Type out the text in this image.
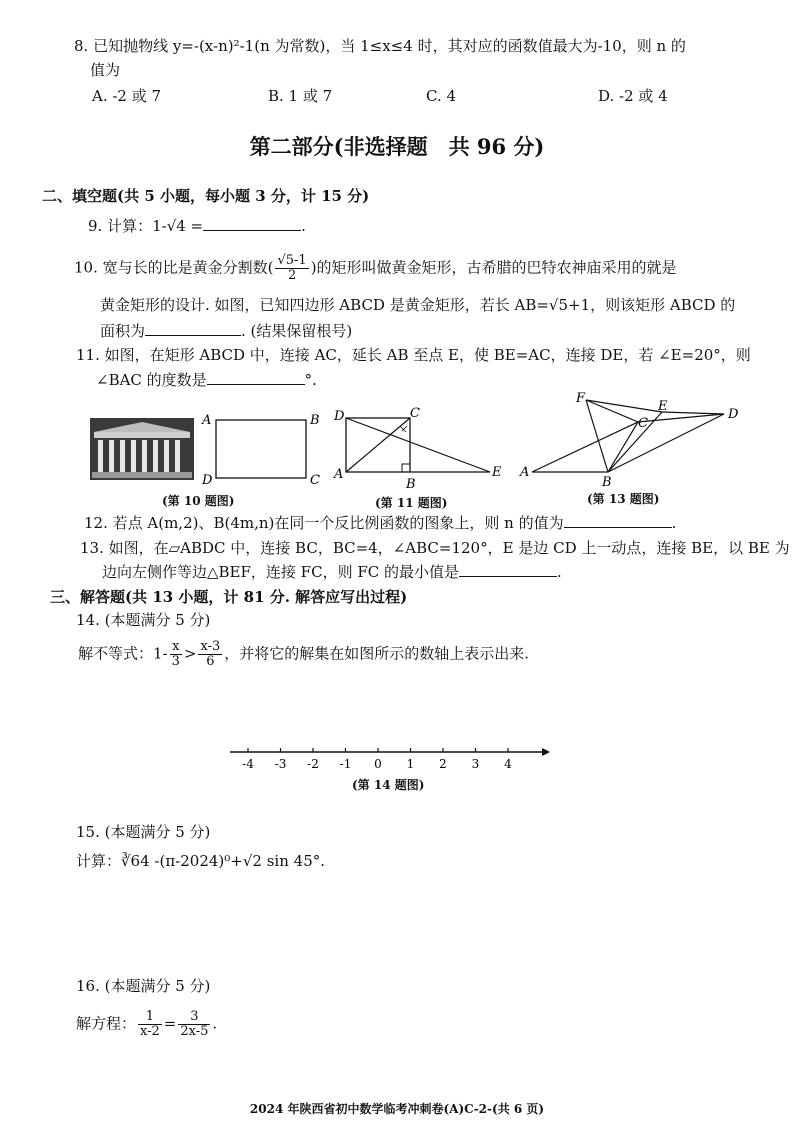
8. 已知抛物线 y=-(x-n)²-1(n 为常数)，当 1≤x≤4 时，其对应的函数值最大为-10，则 n 的
值为
A. -2 或 7	B. 1 或 7	C. 4	D. -2 或 4
第二部分(非选择题　共 96 分)
二、填空题(共 5 小题，每小题 3 分，计 15 分)
9. 计算：1-√4 =	.
10. 宽与长的比是黄金分割数( $\frac{√5-1}{2}$ )的矩形叫做黄金矩形，古希腊的巴特农神庙采用的就是
黄金矩形的设计. 如图，已知四边形 ABCD 是黄金矩形，若长 AB=√5+1，则该矩形 ABCD 的
面积为	. (结果保留根号)
11. 如图，在矩形 ABCD 中，连接 AC，延长 AB 至点 E，使 BE=AC，连接 DE，若 ∠E=20°，则
∠BAC 的度数是	°.
A	B
D	C
(第 10 题图)
D	C
A
B
E
(第 11 题图)
F
E
C
D
A
B
(第 13 题图)
12. 若点 A(m,2)、B(4m,n)在同一个反比例函数的图象上，则 n 的值为	.
13. 如图，在▱ABDC 中，连接 BC，BC=4，∠ABC=120°，E 是边 CD 上一动点，连接 BE，以 BE 为
边向左侧作等边△BEF，连接 FC，则 FC 的最小值是	.
三、解答题(共 13 小题，计 81 分. 解答应写出过程)
14. (本题满分 5 分)
解不等式：$1- \frac{x}{3} > \frac{x-3}{6}$ ，并将它的解集在如图所示的数轴上表示出来.
-4 -3 -2 -1 0 1 2 3 4
(第 14 题图)
15. (本题满分 5 分)
计算：∛64 -(π-2024)⁰+√2 sin 45°.
16. (本题满分 5 分)
解方程： $\frac{1}{x-2} = \frac{3}{2x-5}$ .
2024 年陕西省初中数学临考冲刺卷(A)C-2-(共 6 页)
